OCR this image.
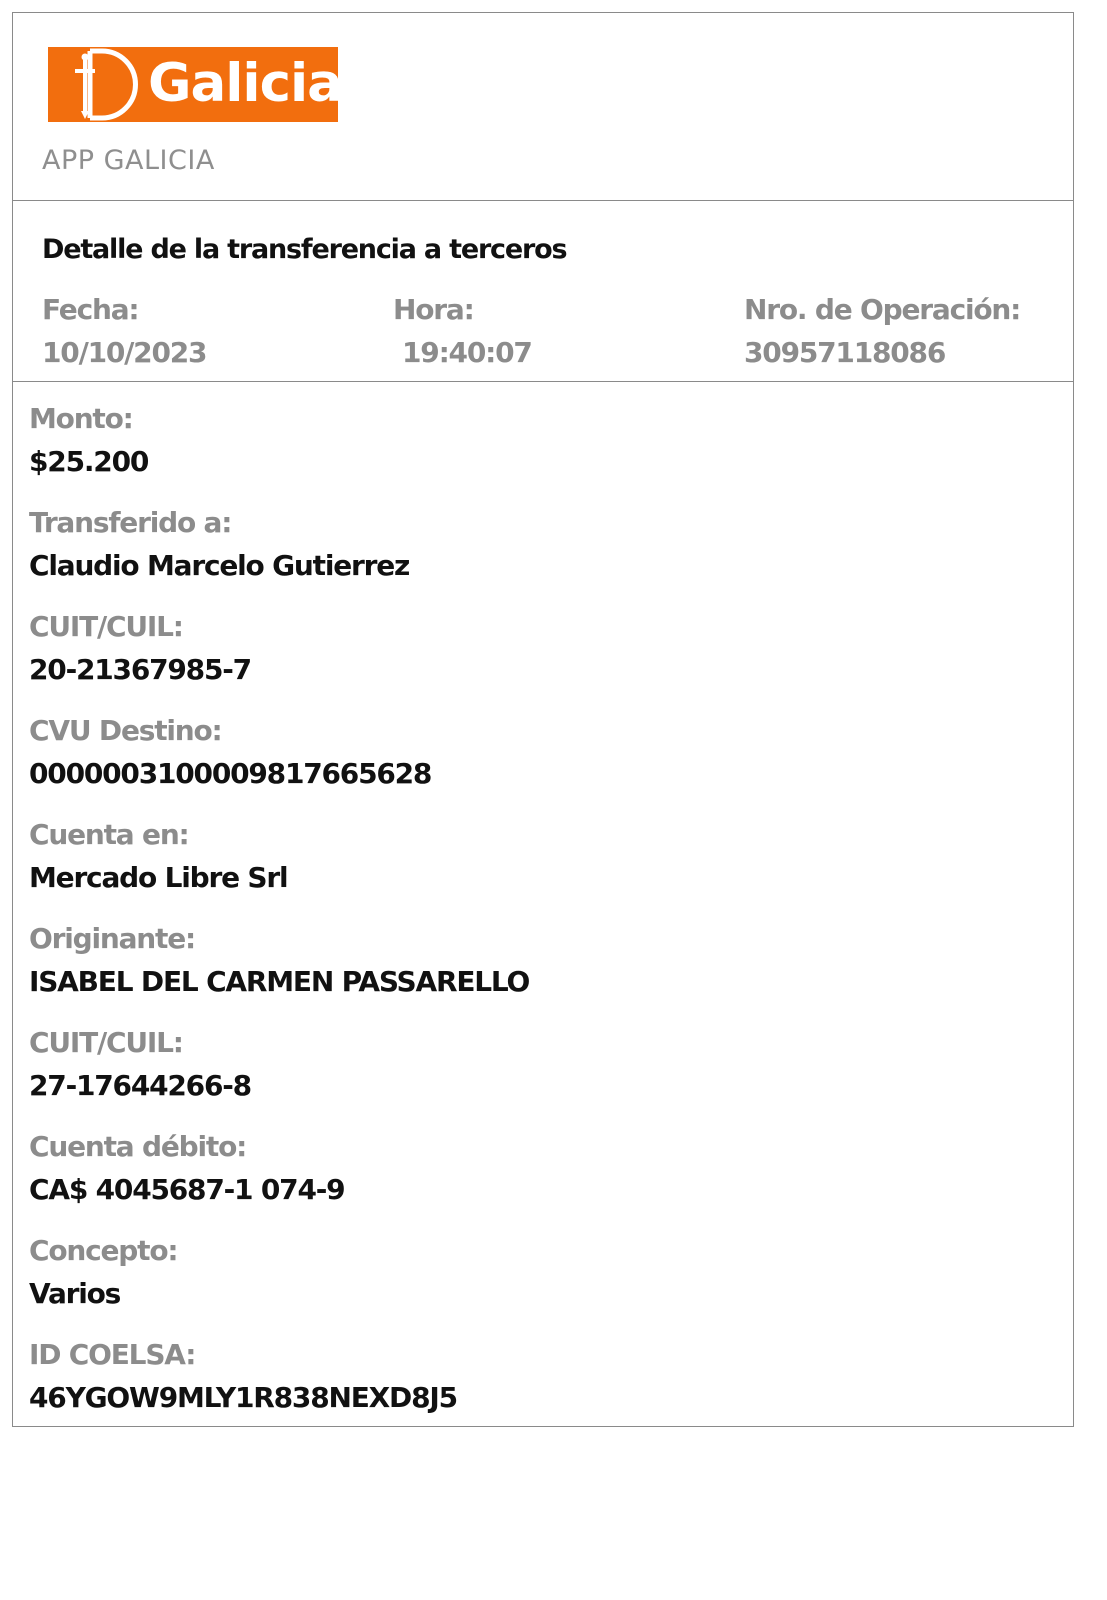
Galicia
APP GALICIA
Detalle de la transferencia a terceros
Fecha:
10/10/2023
Hora:
19:40:07
Nro. de Operación:
30957118086
Monto:
$25.200
Transferido a:
Claudio Marcelo Gutierrez
CUIT/CUIL:
20-21367985-7
CVU Destino:
0000003100009817665628
Cuenta en:
Mercado Libre Srl
Originante:
ISABEL DEL CARMEN PASSARELLO
CUIT/CUIL:
27-17644266-8
Cuenta débito:
CA$ 4045687-1 074-9
Concepto:
Varios
ID COELSA:
46YGOW9MLY1R838NEXD8J5
